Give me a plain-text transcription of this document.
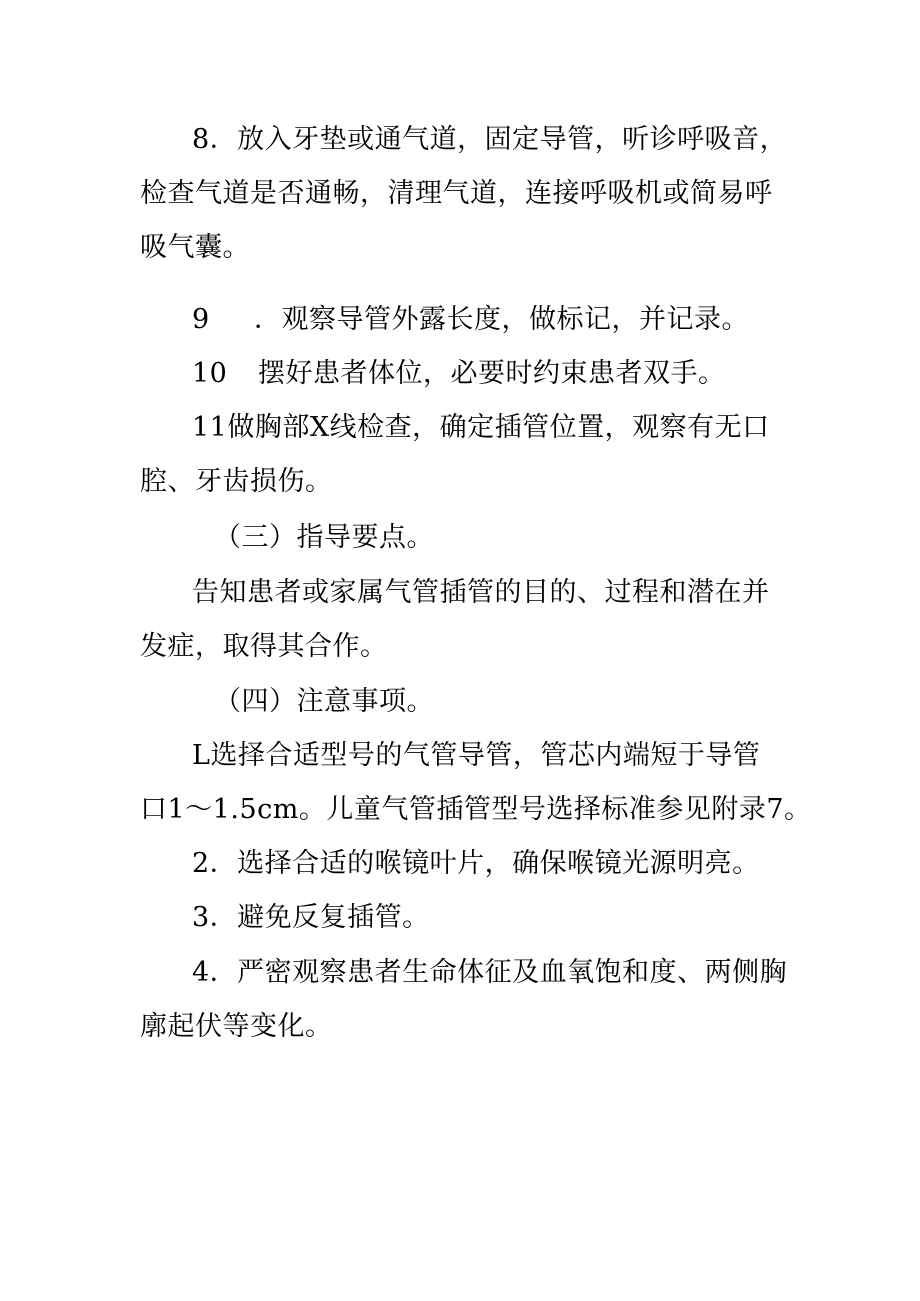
8．放入牙垫或通气道，固定导管，听诊呼吸音，
检查气道是否通畅，清理气道，连接呼吸机或简易呼
吸气囊。
9 ．观察导管外露长度，做标记，并记录。
10 摆好患者体位，必要时约束患者双手。
11做胸部X线检查，确定插管位置，观察有无口
腔、牙齿损伤。
（三）指导要点。
告知患者或家属气管插管的目的、过程和潜在并
发症，取得其合作。
（四）注意事项。
L选择合适型号的气管导管，管芯内端短于导管
口1～1.5cm。儿童气管插管型号选择标准参见附录7。
2．选择合适的喉镜叶片，确保喉镜光源明亮。
3．避免反复插管。
4．严密观察患者生命体征及血氧饱和度、两侧胸
廓起伏等变化。
